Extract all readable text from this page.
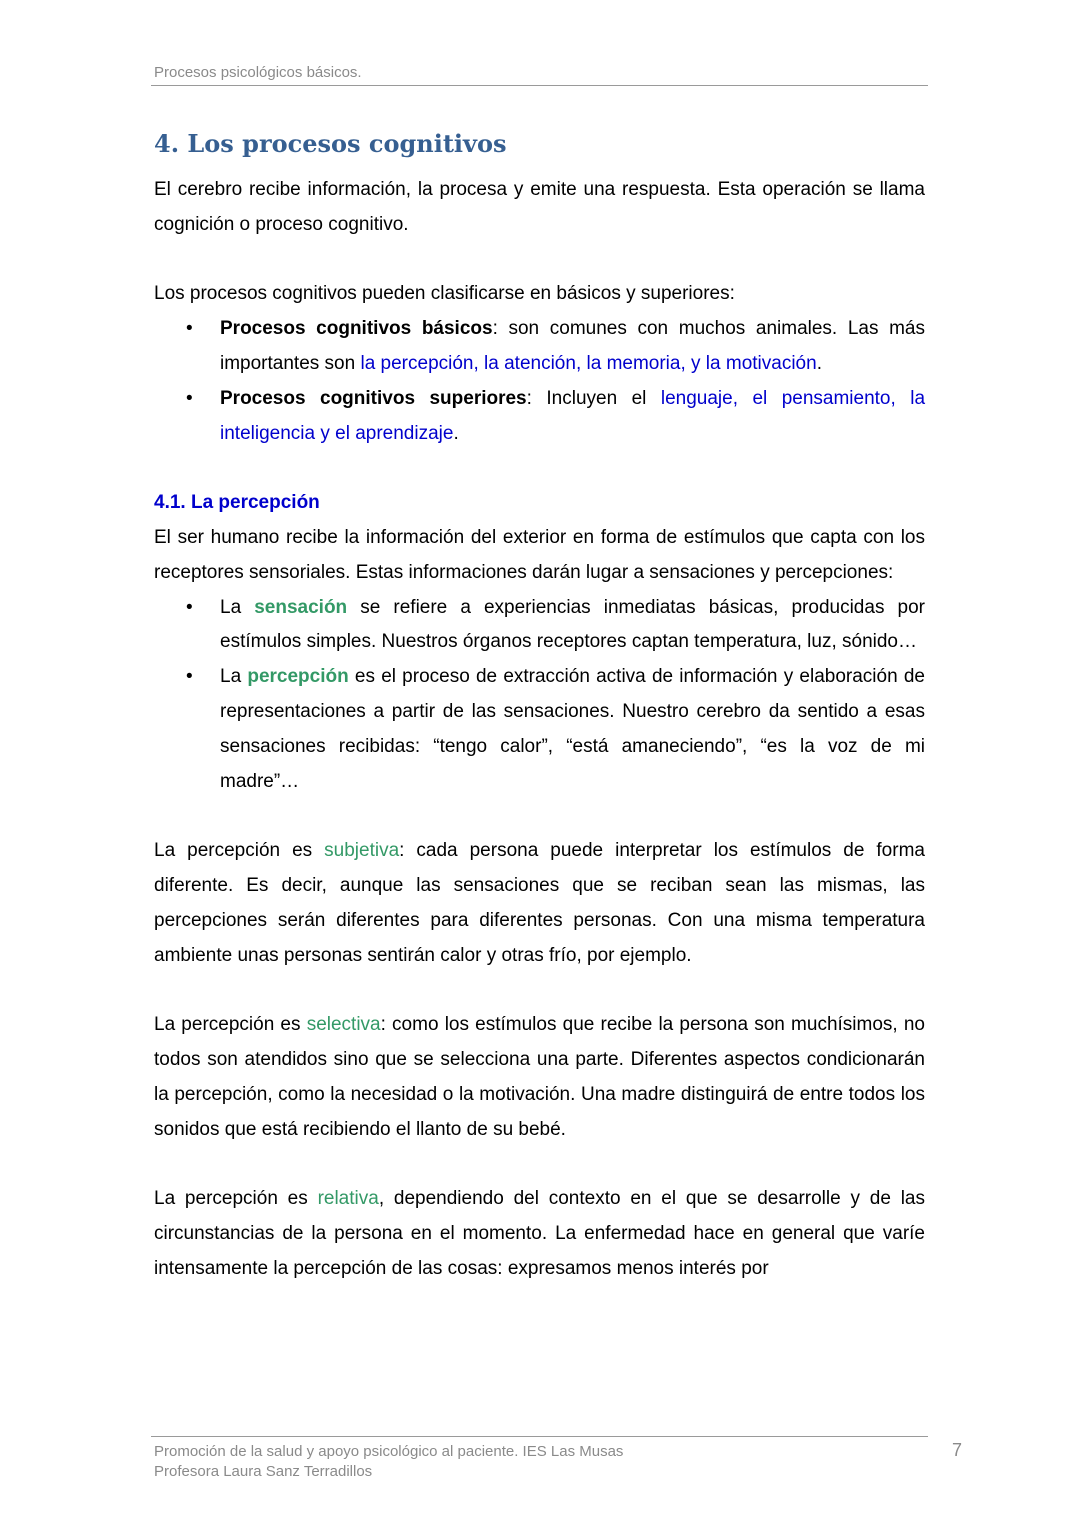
Procesos psicológicos básicos.
4. Los procesos cognitivos

El cerebro recibe información, la procesa y emite una respuesta. Esta operación se llama cognición o proceso cognitivo.

Los procesos cognitivos pueden clasificarse en básicos y superiores:

• Procesos cognitivos básicos: son comunes con muchos animales. Las más importantes son la percepción, la atención, la memoria, y la motivación.
• Procesos cognitivos superiores: Incluyen el lenguaje, el pensamiento, la inteligencia y el aprendizaje.
4.1. La percepción

El ser humano recibe la información del exterior en forma de estímulos que capta con los receptores sensoriales. Estas informaciones darán lugar a sensaciones y percepciones:

• La sensación se refiere a experiencias inmediatas básicas, producidas por estímulos simples. Nuestros órganos receptores captan temperatura, luz, sónido…
• La percepción es el proceso de extracción activa de información y elaboración de representaciones a partir de las sensaciones. Nuestro cerebro da sentido a esas sensaciones recibidas: “tengo calor”, “está amaneciendo”, “es la voz de mi madre”…

La percepción es subjetiva: cada persona puede interpretar los estímulos de forma diferente. Es decir, aunque las sensaciones que se reciban sean las mismas, las percepciones serán diferentes para diferentes personas. Con una misma temperatura ambiente unas personas sentirán calor y otras frío, por ejemplo.

La percepción es selectiva: como los estímulos que recibe la persona son muchísimos, no todos son atendidos sino que se selecciona una parte. Diferentes aspectos condicionarán la percepción, como la necesidad o la motivación. Una madre distinguirá de entre todos los sonidos que está recibiendo el llanto de su bebé.

La percepción es relativa, dependiendo del contexto en el que se desarrolle y de las circunstancias de la persona en el momento. La enfermedad hace en general que varíe intensamente la percepción de las cosas: expresamos menos interés por

Promoción de la salud y apoyo psicológico al paciente. IES Las Musas
Profesora Laura Sanz Terradillos
7
